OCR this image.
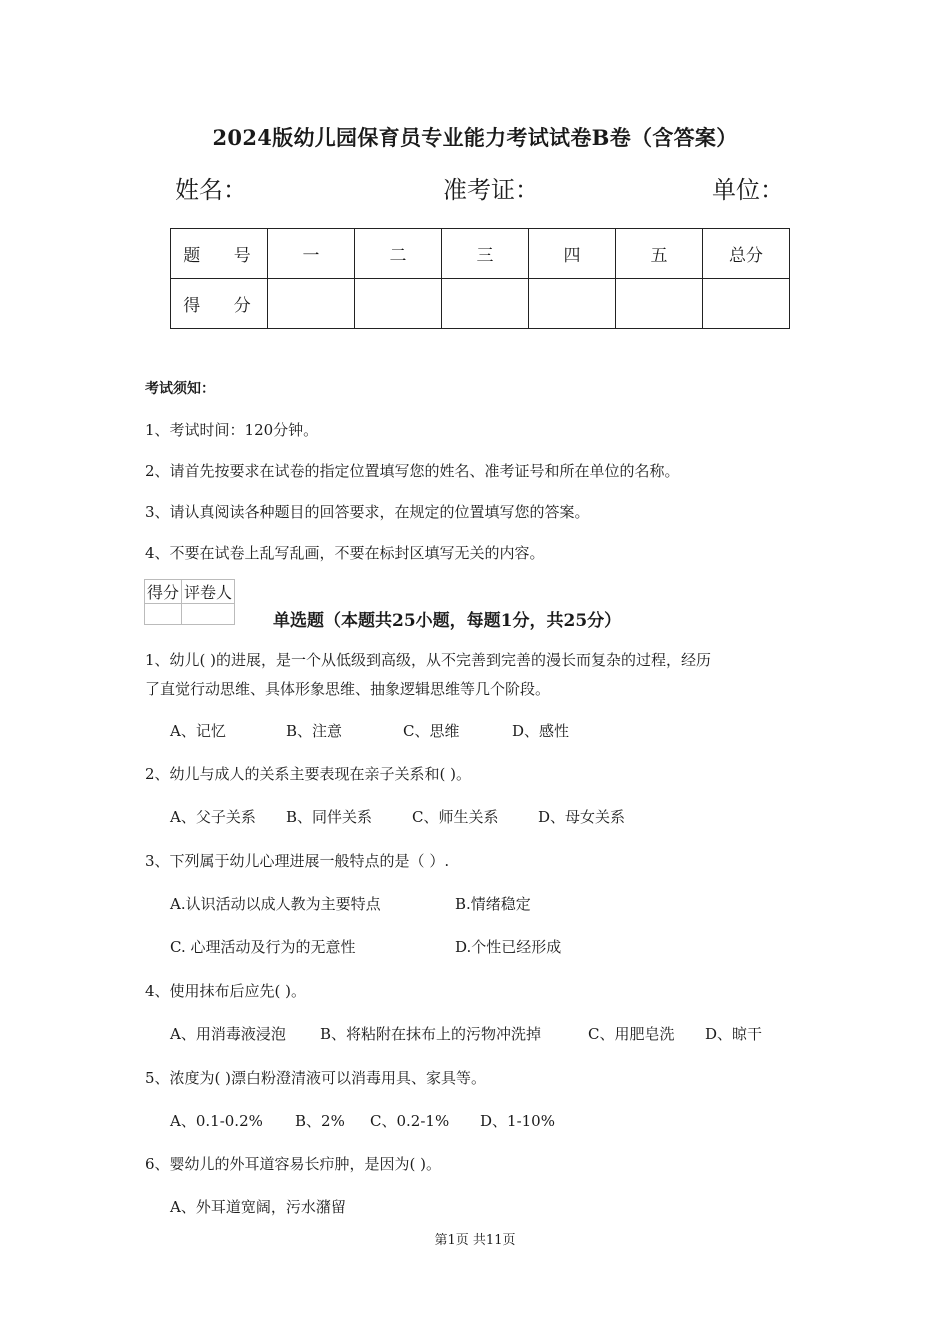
2024版幼儿园保育员专业能力考试试卷B卷（含答案）
姓名：	准考证：	单位：
题 号	一	二	三	四	五	总分
得 分						
考试须知：
1、考试时间：120分钟。
2、请首先按要求在试卷的指定位置填写您的姓名、准考证号和所在单位的名称。
3、请认真阅读各种题目的回答要求，在规定的位置填写您的答案。
4、不要在试卷上乱写乱画，不要在标封区填写无关的内容。
得分	评卷人

单选题（本题共25小题，每题1分，共25分）
1、幼儿( )的进展，是一个从低级到高级，从不完善到完善的漫长而复杂的过程，经历
了直觉行动思维、具体形象思维、抽象逻辑思维等几个阶段。
A、记忆	B、注意	C、思维	D、感性
2、幼儿与成人的关系主要表现在亲子关系和( )。
A、父子关系 B、同伴关系	C、师生关系	D、母女关系
3、下列属于幼儿心理进展一般特点的是（ ）.
A.认识活动以成人教为主要特点	B.情绪稳定
C. 心理活动及行为的无意性	D.个性已经形成
4、使用抹布后应先( )。
A、用消毒液浸泡 B、将粘附在抹布上的污物冲洗掉	C、用肥皂洗 D、晾干
5、浓度为( )漂白粉澄清液可以消毒用具、家具等。
A、0.1-0.2% B、2% C、0.2-1% D、1-10%
6、婴幼儿的外耳道容易长疖肿，是因为( )。
A、外耳道宽阔，污水潴留
第1页 共11页
